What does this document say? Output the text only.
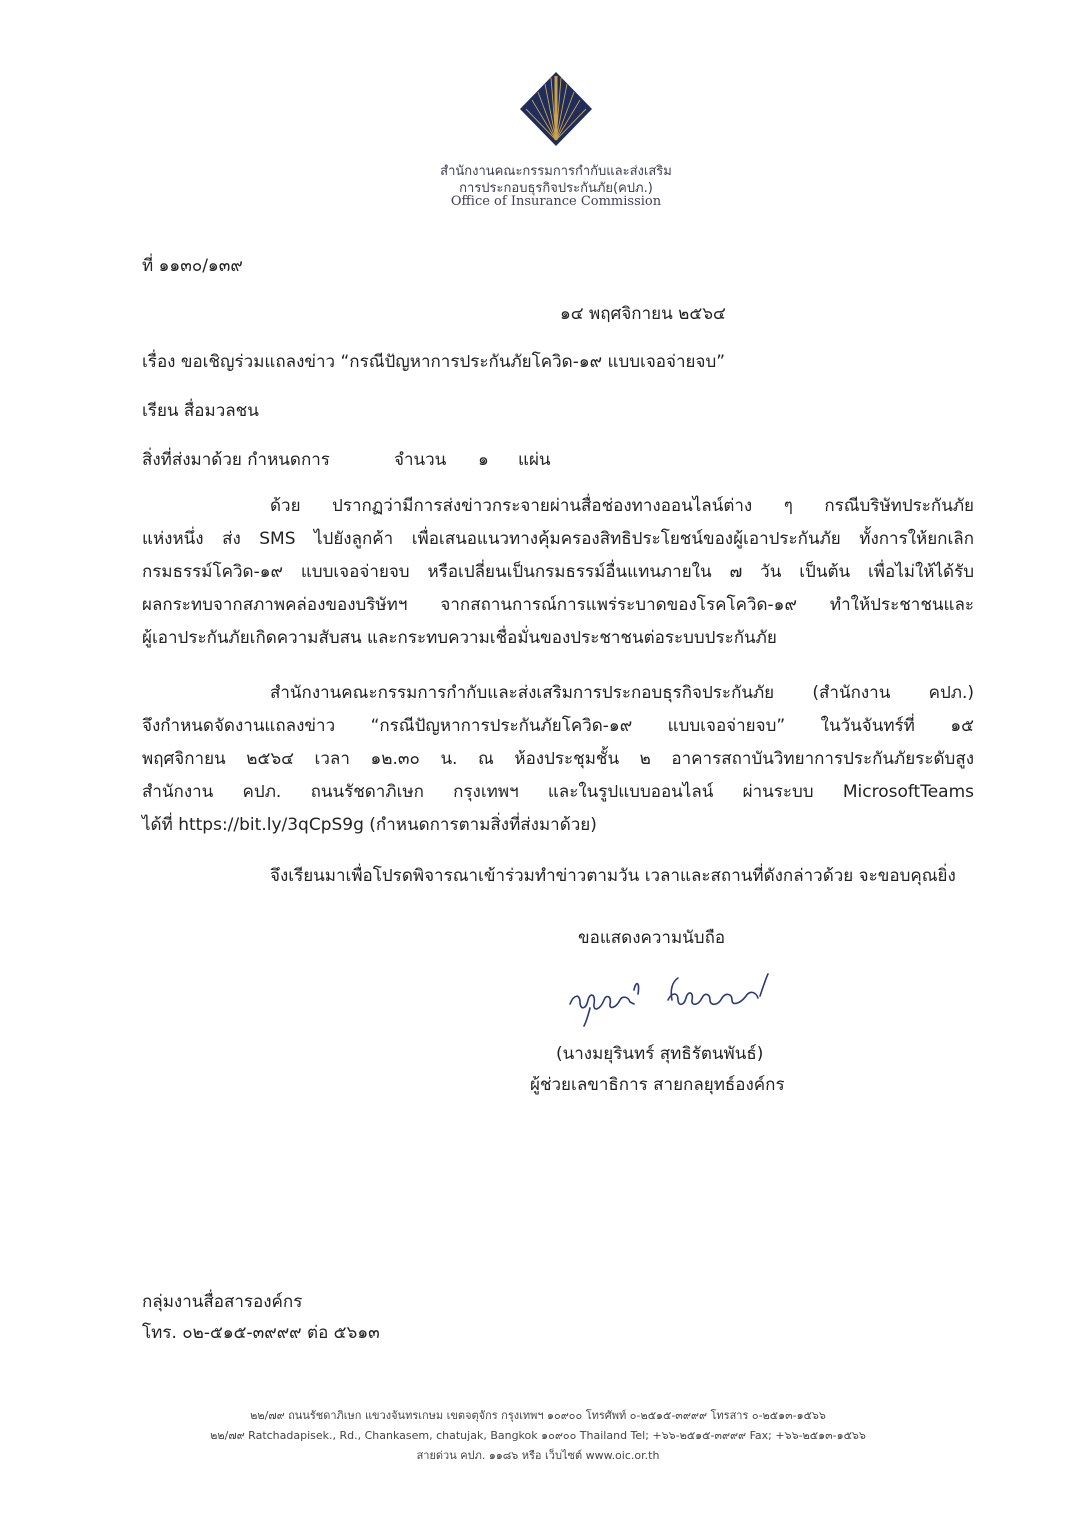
สำนักงานคณะกรรมการกำกับและส่งเสริม
การประกอบธุรกิจประกันภัย(คปภ.)
Office of Insurance Commission
ที่ ๑๑๓๐/๑๓๙
๑๔ พฤศจิกายน ๒๕๖๔
เรื่อง ขอเชิญร่วมแถลงข่าว “กรณีปัญหาการประกันภัยโควิด-๑๙ แบบเจอจ่ายจบ”
เรียน สื่อมวลชน
สิ่งที่ส่งมาด้วย กำหนดการ	จำนวน ๑ แผ่น
ด้วย ปรากฏว่ามีการส่งข่าวกระจายผ่านสื่อช่องทางออนไลน์ต่าง ๆ กรณีบริษัทประกันภัย
แห่งหนึ่ง ส่ง SMS ไปยังลูกค้า เพื่อเสนอแนวทางคุ้มครองสิทธิประโยชน์ของผู้เอาประกันภัย ทั้งการให้ยกเลิก
กรมธรรม์โควิด-๑๙ แบบเจอจ่ายจบ หรือเปลี่ยนเป็นกรมธรรม์อื่นแทนภายใน ๗ วัน เป็นต้น เพื่อไม่ให้ได้รับ
ผลกระทบจากสภาพคล่องของบริษัทฯ จากสถานการณ์การแพร่ระบาดของโรคโควิด-๑๙ ทำให้ประชาชนและ
ผู้เอาประกันภัยเกิดความสับสน และกระทบความเชื่อมั่นของประชาชนต่อระบบประกันภัย
สำนักงานคณะกรรมการกำกับและส่งเสริมการประกอบธุรกิจประกันภัย (สำนักงาน คปภ.)
จึงกำหนดจัดงานแถลงข่าว “กรณีปัญหาการประกันภัยโควิด-๑๙ แบบเจอจ่ายจบ” ในวันจันทร์ที่ ๑๕
พฤศจิกายน ๒๕๖๔ เวลา ๑๒.๓๐ น. ณ ห้องประชุมชั้น ๒ อาคารสถาบันวิทยาการประกันภัยระดับสูง
สำนักงาน คปภ. ถนนรัชดาภิเษก กรุงเทพฯ และในรูปแบบออนไลน์ ผ่านระบบ MicrosoftTeams
ได้ที่ https://bit.ly/3qCpS9g (กำหนดการตามสิ่งที่ส่งมาด้วย)
จึงเรียนมาเพื่อโปรดพิจารณาเข้าร่วมทำข่าวตามวัน เวลาและสถานที่ดังกล่าวด้วย จะขอบคุณยิ่ง
ขอแสดงความนับถือ
(นางมยุรินทร์ สุทธิรัตนพันธ์)
ผู้ช่วยเลขาธิการ สายกลยุทธ์องค์กร
กลุ่มงานสื่อสารองค์กร
โทร. ๐๒-๕๑๕-๓๙๙๙ ต่อ ๕๖๑๓
๒๒/๗๙ ถนนรัชดาภิเษก แขวงจันทรเกษม เขตจตุจักร กรุงเทพฯ ๑๐๙๐๐ โทรศัพท์ ๐-๒๕๑๕-๓๙๙๙ โทรสาร ๐-๒๕๑๓-๑๕๖๖
๒๒/๗๙ Ratchadapisek., Rd., Chankasem, chatujak, Bangkok ๑๐๙๐๐ Thailand Tel; +๖๖-๒๕๑๕-๓๙๙๙ Fax; +๖๖-๒๕๑๓-๑๕๖๖
สายด่วน คปภ. ๑๑๘๖ หรือ เว็บไซต์ www.oic.or.th
